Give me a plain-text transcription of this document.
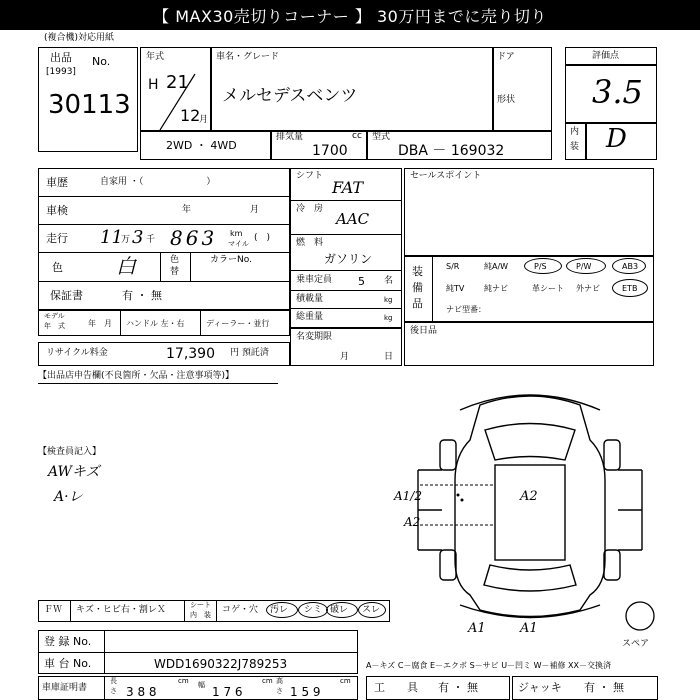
【 MAX30売切りコーナー 】 30万円までに売り切り
(複合機)対応用紙
出品 No.
[1993]
30113
年式
H 21
12
月
車名・グレード
メルセデスベンツ
ドア
形状
2WD ・ 4WD
排気量	cc
1700
型式
DBA － 169032
評価点
3.5
内
装 D
車歴	自家用 ・（　　　　　　　）
車検	年	月
走行 11
万 3 千 863 km
マイル
(　)
色	白	色
替
カラーNo.
保証書	有 ・ 無
モデル
年　式	年　月 ハンドル 左・右	ディーラー・並行
リサイクル料金	17,390 円 預託済
シフト
FAT
冷　房
AAC
燃　料
ガソリン
乗車定員 5 名
積載量	kg
総重量	kg
名変期限
月	日
セールスポイント
装
備
品
S/R	純A/W	P/S	P/W	AB3
純TV 純ナビ	革シート 外ナビ	ETB
ナビ型番：
後日品
【出品店申告欄(不良箇所・欠品・注意事項等)】
【検査員記入】
AWキズ
A·レ	A1/2	A2
A2
A1	A1
スペア
ＦＷ キズ・ヒビ右・割レＸ	シート
内　装 コゲ・穴 汚レ シミ 破レ スレ
登 録 No.
車 台 No.	WDD1690322J789253
車庫証明書
長
さ 3 8 8
cm 幅 1 7 6
cm 高
さ 1 5 9
cm
A－キズ C－腐食 E－エクボ S－サビ U－凹ミ W－補修 XX－交換済
工　　具 有 ・ 無	ジャッキ 有 ・ 無
